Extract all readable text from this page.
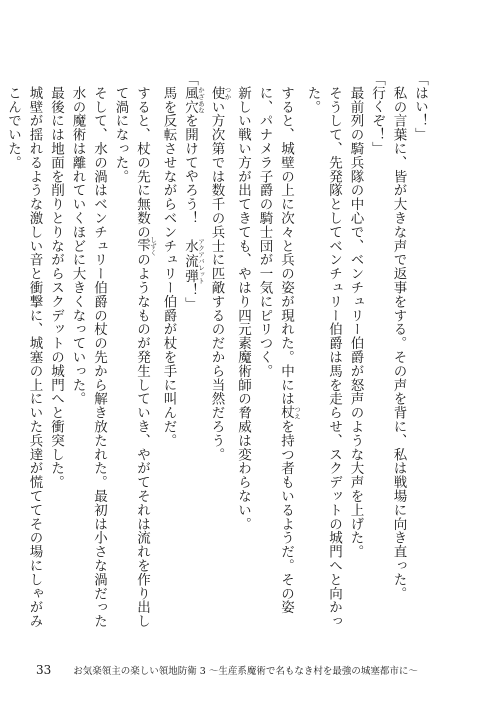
「はい！」
私の言葉に、皆が大きな声で返事をする。その声を背に、私は戦場に向き直った。
「行くぞ！」
最前列の騎兵隊の中心で、ベンチュリー伯爵が怒声のような大声を上げた。
そうして、先発隊としてベンチュリー伯爵は馬を走らせ、スクデットの城門へと向かった。
すると、城壁の上に次々と兵の姿が現れた。中には杖 つえを持つ者もいるようだ。その姿に、パナメラ子爵の騎士団が一気にピリつく。
新しい戦い方が出てきても、やはり四元素魔術師の脅威は変わらない。
使 つかい方次第では数千の兵士に匹敵するのだから当然だろう。
「風穴 かざあなを開けてやろう！　水流弾 アクアバレット！」
馬を反転させながらベンチュリー伯爵が杖を手に叫んだ。
すると、杖の先に無数の雫 しずくのようなものが発生していき、やがてそれは流れを作り出して渦になった。
そして、水の渦はベンチュリー伯爵の杖の先から解き放たれた。最初は小さな渦だった水の魔術は離れていくほどに大きくなっていった。
最後には地面を削りとりながらスクデットの城門へと衝突した。
城壁が揺れるような激しい音と衝撃に、城塞の上にいた兵達が慌ててその場にしゃがみこんでいた。
33 お気楽領主の楽しい領地防衛 3 〜生産系魔術で名もなき村を最強の城塞都市に〜
